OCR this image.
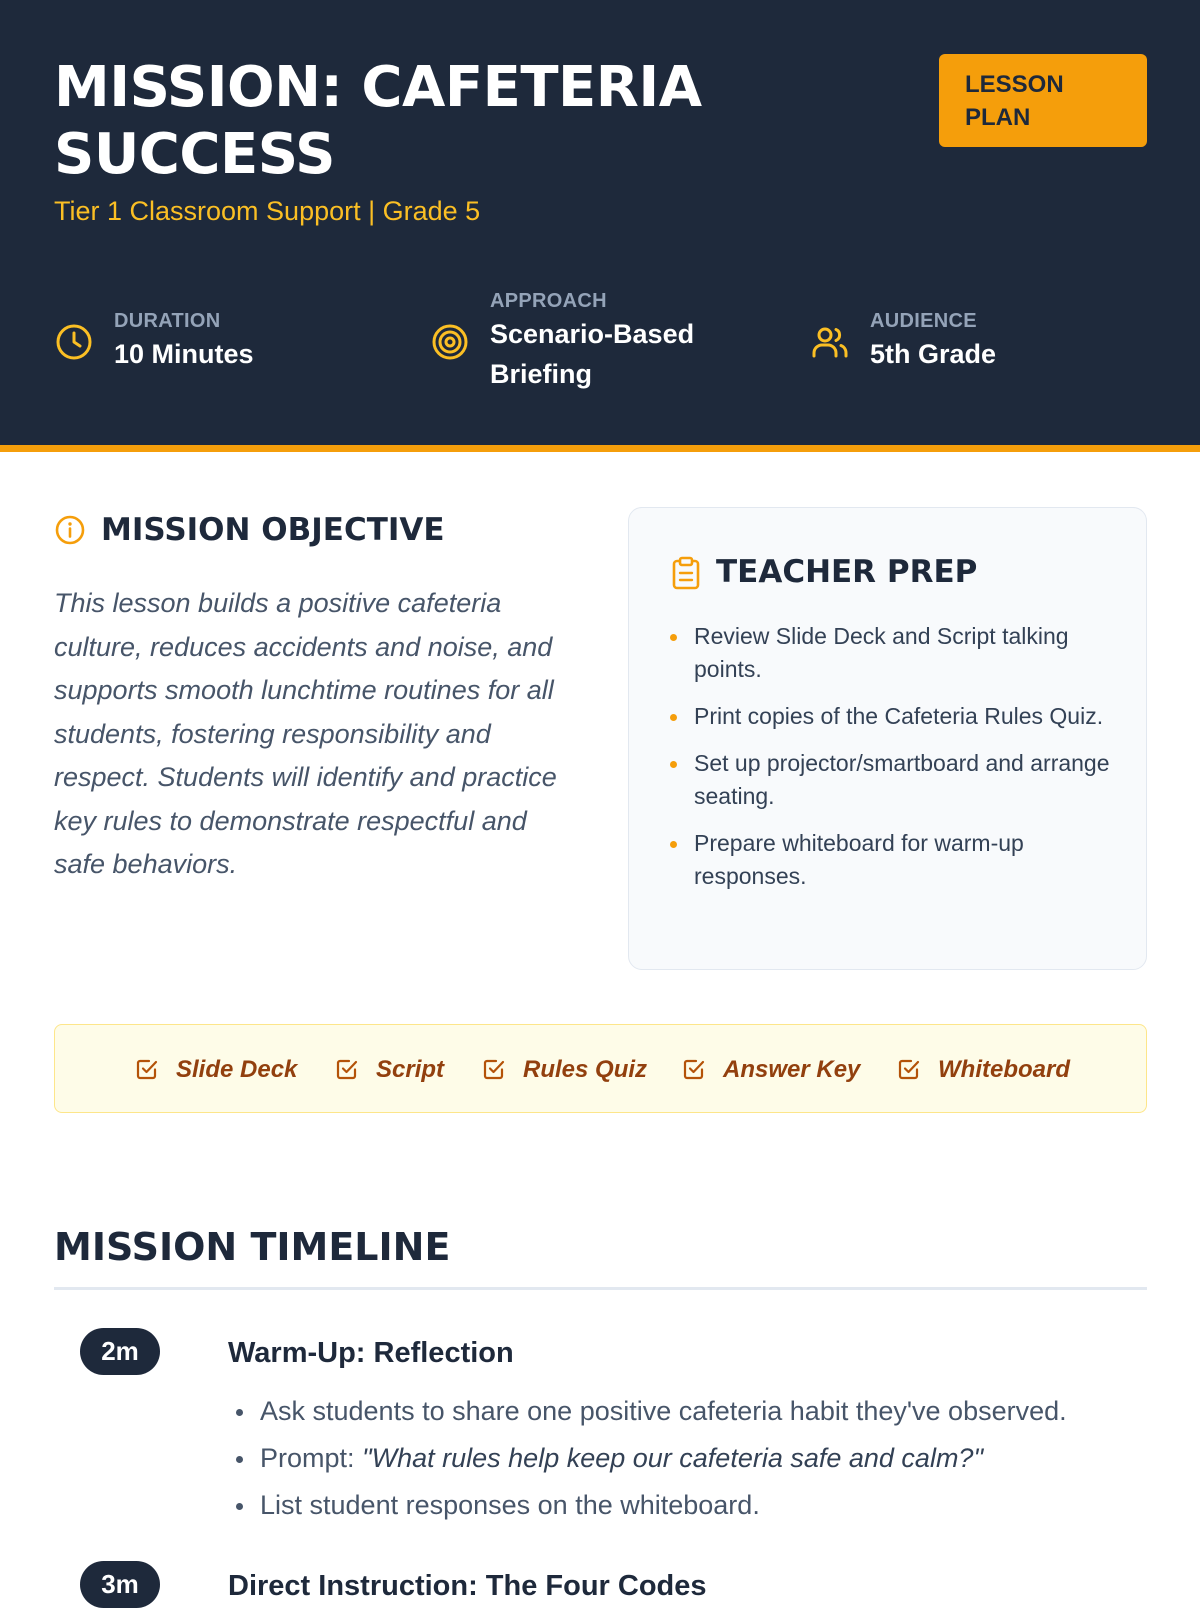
MISSION: CAFETERIA SUCCESS
Tier 1 Classroom Support | Grade 5
LESSON PLAN
DURATION
10 Minutes
APPROACH
Scenario-Based Briefing
AUDIENCE
5th Grade
MISSION OBJECTIVE
This lesson builds a positive cafeteria culture, reduces accidents and noise, and supports smooth lunchtime routines for all students, fostering responsibility and respect. Students will identify and practice key rules to demonstrate respectful and safe behaviors.
TEACHER PREP
Review Slide Deck and Script talking points.
Print copies of the Cafeteria Rules Quiz.
Set up projector/smartboard and arrange seating.
Prepare whiteboard for warm-up responses.
Slide Deck	Script	Rules Quiz	Answer Key	Whiteboard
MISSION TIMELINE
2m	Warm-Up: Reflection
Ask students to share one positive cafeteria habit they've observed.
Prompt: "What rules help keep our cafeteria safe and calm?"
List student responses on the whiteboard.
3m	Direct Instruction: The Four Codes
